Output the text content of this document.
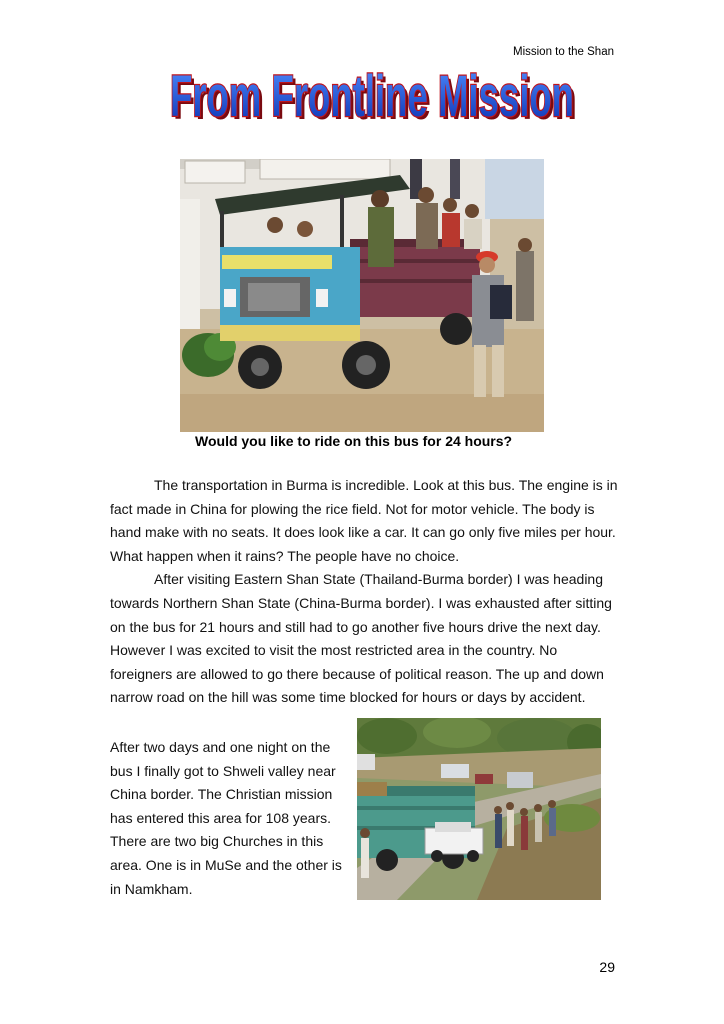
Mission to the Shan
From Frontline Mission
From Frontline Mission
Would you like to ride on this bus for 24 hours?

The transportation in Burma is incredible. Look at this bus. The engine is in fact made in China for plowing the rice field. Not for motor vehicle. The body is hand make with no seats. It does look like a car. It can go only five miles per hour. What happen when it rains? The people have no choice.

After visiting Eastern Shan State (Thailand-Burma border) I was heading towards Northern Shan State (China-Burma border). I was exhausted after sitting on the bus for 21 hours and still had to go another five hours drive the next day. However I was excited to visit the most restricted area in the country. No foreigners are allowed to go there because of political reason. The up and down narrow road on the hill was some time blocked for hours or days by accident.

After two days and one night on the bus I finally got to Shweli valley near China border. The Christian mission has entered this area for 108 years. There are two big Churches in this area. One is in MuSe and the other is in Namkham.
29
